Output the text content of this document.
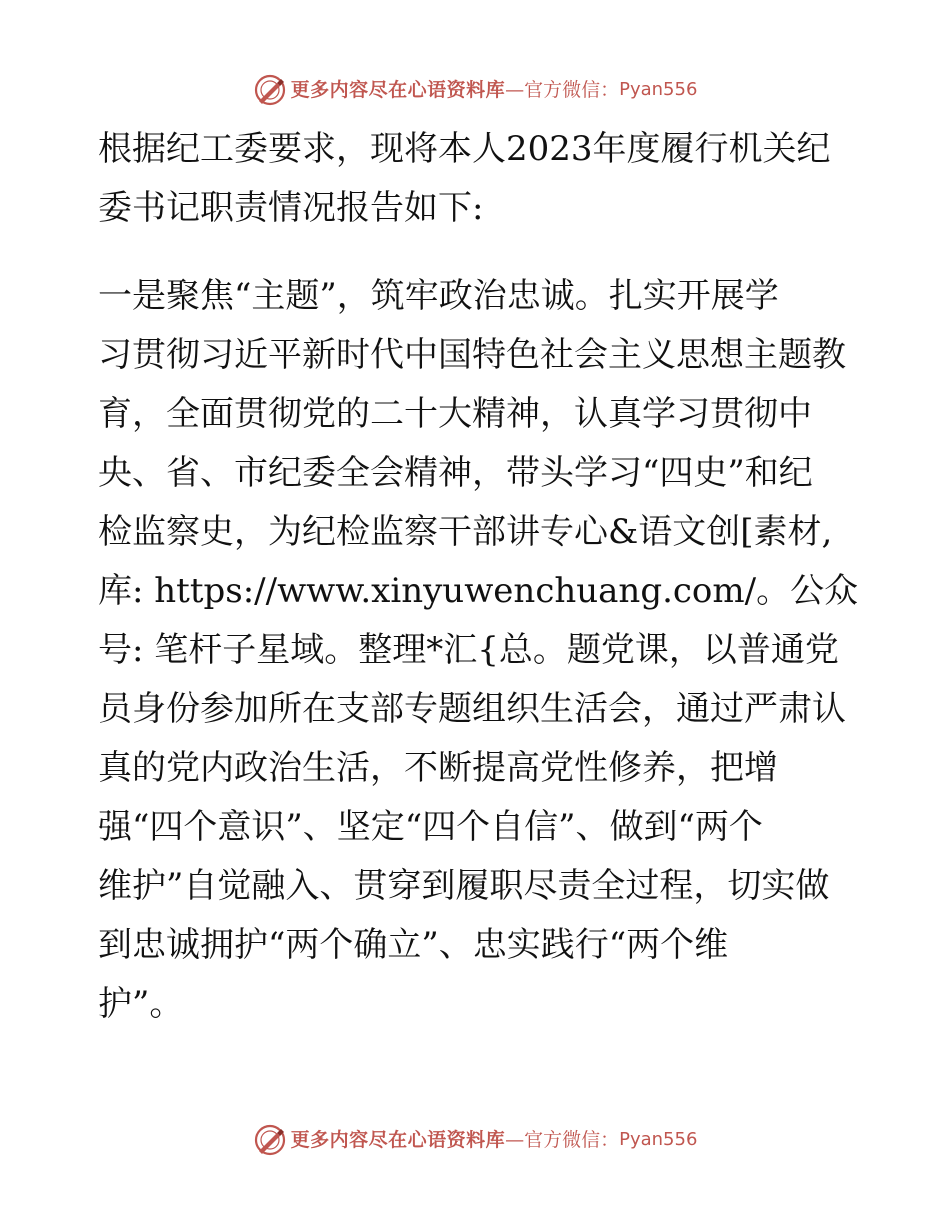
更多内容尽在心语资料库 — 官方微信： Pyan556
根据纪工委要求，现将本人2023年度履行机关纪
委书记职责情况报告如下:
一是聚焦“主题”，筑牢政治忠诚。扎实开展学
习贯彻习近平新时代中国特色社会主义思想主题教
育，全面贯彻党的二十大精神，认真学习贯彻中
央、省、市纪委全会精神，带头学习“四史”和纪
检监察史，为纪检监察干部讲专心&语文创[素材,
库: https://www.xinyuwenchuang.com/。公众
号: 笔杆子星域。整理*汇{总。题党课，以普通党
员身份参加所在支部专题组织生活会，通过严肃认
真的党内政治生活，不断提高党性修养，把增
强“四个意识”、坚定“四个自信”、做到“两个
维护”自觉融入、贯穿到履职尽责全过程，切实做
到忠诚拥护“两个确立”、忠实践行“两个维
护”。
更多内容尽在心语资料库 — 官方微信： Pyan556
